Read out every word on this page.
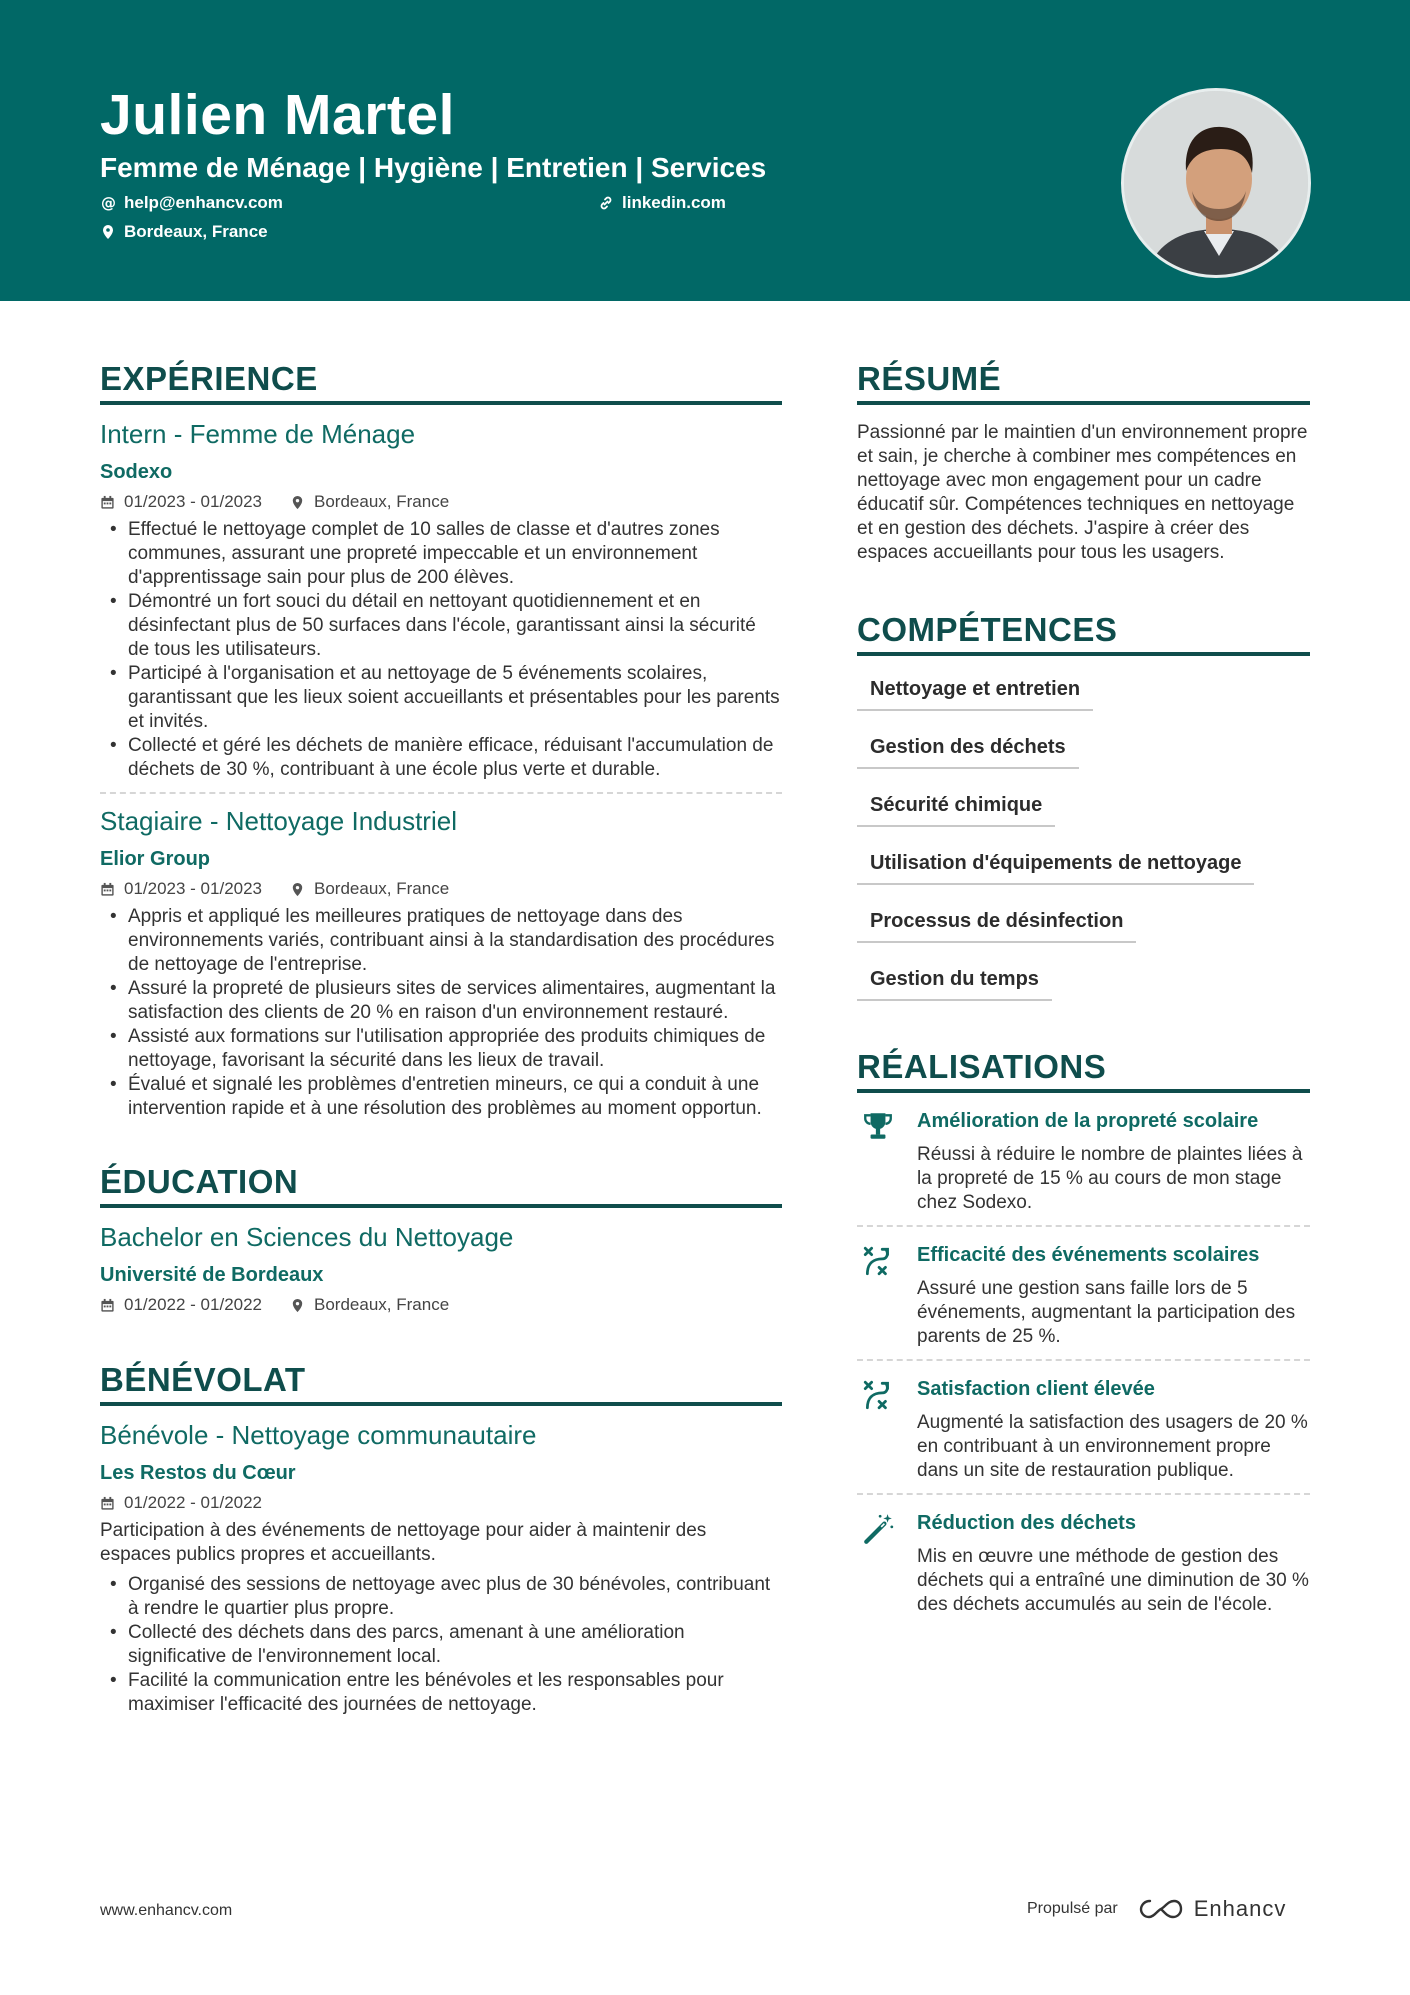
Julien Martel
Femme de Ménage | Hygiène | Entretien | Services
@ help@enhancv.com	linkedin.com
Bordeaux, France
EXPÉRIENCE
Intern - Femme de Ménage
Sodexo
01/2023 - 01/2023	Bordeaux, France
• Effectué le nettoyage complet de 10 salles de classe et d'autres zones communes, assurant une propreté impeccable et un environnement d'apprentissage sain pour plus de 200 élèves.
• Démontré un fort souci du détail en nettoyant quotidiennement et en désinfectant plus de 50 surfaces dans l'école, garantissant ainsi la sécurité de tous les utilisateurs.
• Participé à l'organisation et au nettoyage de 5 événements scolaires, garantissant que les lieux soient accueillants et présentables pour les parents et invités.
• Collecté et géré les déchets de manière efficace, réduisant l'accumulation de déchets de 30 %, contribuant à une école plus verte et durable.
Stagiaire - Nettoyage Industriel
Elior Group
01/2023 - 01/2023	Bordeaux, France
• Appris et appliqué les meilleures pratiques de nettoyage dans des environnements variés, contribuant ainsi à la standardisation des procédures de nettoyage de l'entreprise.
• Assuré la propreté de plusieurs sites de services alimentaires, augmentant la satisfaction des clients de 20 % en raison d'un environnement restauré.
• Assisté aux formations sur l'utilisation appropriée des produits chimiques de nettoyage, favorisant la sécurité dans les lieux de travail.
• Évalué et signalé les problèmes d'entretien mineurs, ce qui a conduit à une intervention rapide et à une résolution des problèmes au moment opportun.
ÉDUCATION
Bachelor en Sciences du Nettoyage
Université de Bordeaux
01/2022 - 01/2022	Bordeaux, France
BÉNÉVOLAT
Bénévole - Nettoyage communautaire
Les Restos du Cœur
01/2022 - 01/2022
Participation à des événements de nettoyage pour aider à maintenir des espaces publics propres et accueillants.
• Organisé des sessions de nettoyage avec plus de 30 bénévoles, contribuant à rendre le quartier plus propre.
• Collecté des déchets dans des parcs, amenant à une amélioration significative de l'environnement local.
• Facilité la communication entre les bénévoles et les responsables pour maximiser l'efficacité des journées de nettoyage.
RÉSUMÉ
Passionné par le maintien d'un environnement propre et sain, je cherche à combiner mes compétences en nettoyage avec mon engagement pour un cadre éducatif sûr. Compétences techniques en nettoyage et en gestion des déchets. J'aspire à créer des espaces accueillants pour tous les usagers.
COMPÉTENCES
Nettoyage et entretien
Gestion des déchets
Sécurité chimique
Utilisation d'équipements de nettoyage
Processus de désinfection
Gestion du temps
RÉALISATIONS
Amélioration de la propreté scolaire
Réussi à réduire le nombre de plaintes liées à la propreté de 15 % au cours de mon stage chez Sodexo.
Efficacité des événements scolaires
Assuré une gestion sans faille lors de 5 événements, augmentant la participation des parents de 25 %.
Satisfaction client élevée
Augmenté la satisfaction des usagers de 20 % en contribuant à un environnement propre dans un site de restauration publique.
Réduction des déchets
Mis en œuvre une méthode de gestion des déchets qui a entraîné une diminution de 30 % des déchets accumulés au sein de l'école.
www.enhancv.com	Propulsé par	Enhancv
